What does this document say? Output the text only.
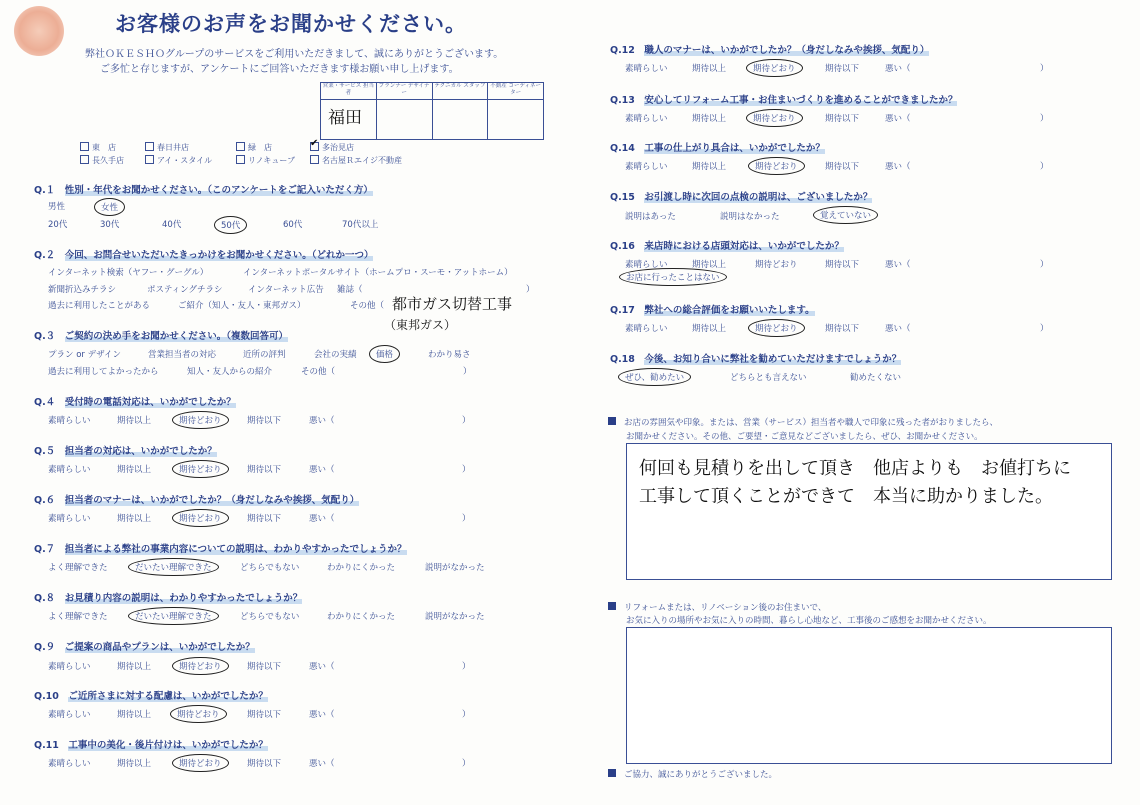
お客様のお声をお聞かせください。
弊社ＯＫＥＳＨＯグループのサービスをご利用いただきまして、誠にありがとうございます。
ご多忙と存じますが、アンケートにご回答いただきます様お願い申し上げます。
営業・サービス 担当者
福田
プランナー デザイナー
テクニカル スタッフ 不動産 コーディネーター
東　店	春日井店	緑　店
✔	多治見店
長久手店	アイ・スタイル	リノキューブ	名古屋Ｒエイジ不動産
Q.１　 性別・年代をお聞かせください。（このアンケートをご記入いただく方）
男性	女性
20代	30代	40代	50代	60代	70代以上
Q.２　 今回、お問合せいただいたきっかけをお聞かせください。（どれか一つ）
インターネット検索（ヤフー・グーグル）	インターネットポータルサイト（ホームプロ・スーモ・アットホーム）
新聞折込みチラシ	ポスティングチラシ	インターネット広告 雑誌（	）
過去に利用したことがある	ご紹介（知人・友人・東邦ガス）	その他（ 都市ガス切替工事
（東邦ガス）
Q.３　 ご契約の決め手をお聞かせください。（複数回答可）
プラン or デザイン	営業担当者の対応	近所の評判	会社の実績	価格	わかり易さ
過去に利用してよかったから	知人・友人からの紹介	その他（	）
Q.４　 受付時の電話対応は、いかがでしたか？
素晴らしい	期待以上	期待どおり	期待以下	悪い（	）
Q.５　 担当者の対応は、いかがでしたか？
素晴らしい	期待以上	期待どおり	期待以下	悪い（	）
Q.６　 担当者のマナーは、いかがでしたか？（身だしなみや挨拶、気配り）
素晴らしい	期待以上	期待どおり	期待以下	悪い（	）
Q.７　 担当者による弊社の事業内容についての説明は、わかりやすかったでしょうか？
よく理解できた	だいたい理解できた	どちらでもない	わかりにくかった	説明がなかった
Q.８　 お見積り内容の説明は、わかりやすかったでしょうか？
よく理解できた	だいたい理解できた	どちらでもない	わかりにくかった	説明がなかった
Q.９　 ご提案の商品やプランは、いかがでしたか？
素晴らしい	期待以上	期待どおり	期待以下	悪い（	）
Q.10　 ご近所さまに対する配慮は、いかがでしたか？
素晴らしい	期待以上	期待どおり	期待以下	悪い（	）
Q.11　 工事中の美化・後片付けは、いかがでしたか？
素晴らしい	期待以上	期待どおり	期待以下	悪い（	）
Q.12　 職人のマナーは、いかがでしたか？（身だしなみや挨拶、気配り）
素晴らしい	期待以上	期待どおり	期待以下	悪い（	）
Q.13　 安心してリフォーム工事・お住まいづくりを進めることができましたか？
素晴らしい	期待以上	期待どおり	期待以下	悪い（	）
Q.14　 工事の仕上がり具合は、いかがでしたか？
素晴らしい	期待以上	期待どおり	期待以下	悪い（	）
Q.15　 お引渡し時に次回の点検の説明は、ございましたか？
説明はあった	説明はなかった	覚えていない
Q.16　 来店時における店頭対応は、いかがでしたか？
素晴らしい	期待以上	期待どおり	期待以下	悪い（	）
お店に行ったことはない
Q.17　 弊社への総合評価をお願いいたします。
素晴らしい	期待以上	期待どおり	期待以下	悪い（	）
Q.18　 今後、お知り合いに弊社を勧めていただけますでしょうか？
ぜひ、勧めたい	どちらとも言えない	勧めたくない
お店の雰囲気や印象。または、営業（サービス）担当者や職人で印象に残った者がおりましたら、
お聞かせください。その他、ご要望・ご意見などございましたら、ぜひ、お聞かせください。
何回も見積りを出して頂き　他店よりも　お値打ちに
工事して頂くことができて　本当に助かりました。
リフォームまたは、リノベーション後のお住まいで、
お気に入りの場所やお気に入りの時間、暮らし心地など、工事後のご感想をお聞かせください。
ご協力、誠にありがとうございました。
